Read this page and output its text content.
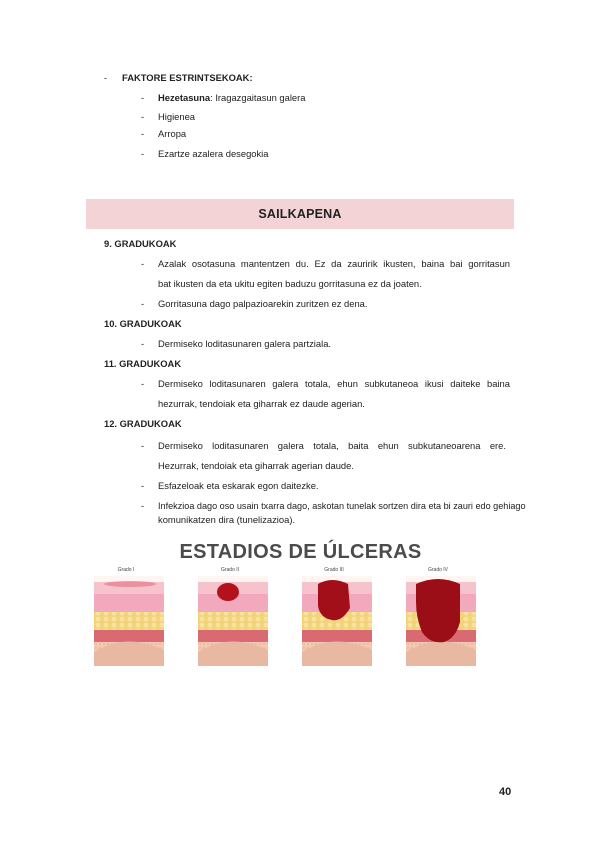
- FAKTORE ESTRINTSEKOAK:
- Hezetasuna: Iragazgaitasun galera
- Higienea
- Arropa
- Ezartze azalera desegokia
SAILKAPENA
9. GRADUKOAK
- Azalak osotasuna mantentzen du. Ez da zauririk ikusten, baina bai gorritasun
bat ikusten da eta ukitu egiten baduzu gorritasuna ez da joaten.
- Gorritasuna dago palpazioarekin zuritzen ez dena.
10. GRADUKOAK
- Dermiseko loditasunaren galera partziala.
11. GRADUKOAK
- Dermiseko loditasunaren galera totala, ehun subkutaneoa ikusi daiteke baina
hezurrak, tendoiak eta giharrak ez daude agerian.
12. GRADUKOAK
- Dermiseko loditasunaren galera totala, baita ehun subkutaneoarena ere.
Hezurrak, tendoiak eta giharrak agerian daude.
- Esfazeloak eta eskarak egon daitezke.
- Infekzioa dago oso usain txarra dago, askotan tunelak sortzen dira eta bi zauri edo gehiago
komunikatzen dira (tunelizazioa).
ESTADIOS DE ÚLCERAS
Grado I	Grado II	Grado III	Grado IV
40
